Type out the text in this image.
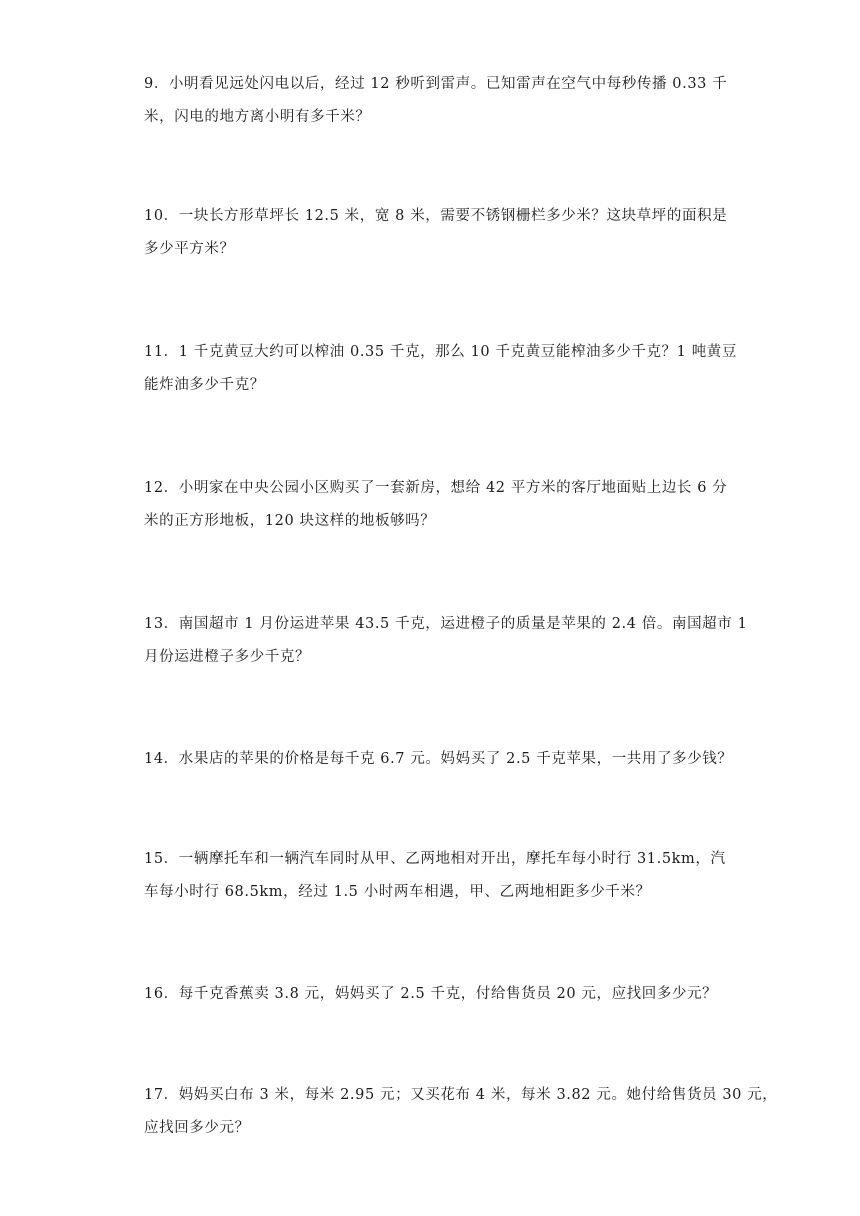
9．小明看见远处闪电以后，经过 12 秒听到雷声。已知雷声在空气中每秒传播 0.33 千
米，闪电的地方离小明有多千米？
10．一块长方形草坪长 12.5 米，宽 8 米，需要不锈钢栅栏多少米？这块草坪的面积是
多少平方米？
11．1 千克黄豆大约可以榨油 0.35 千克，那么 10 千克黄豆能榨油多少千克？1 吨黄豆
能炸油多少千克？
12．小明家在中央公园小区购买了一套新房，想给 42 平方米的客厅地面贴上边长 6 分
米的正方形地板，120 块这样的地板够吗？
13．南国超市 1 月份运进苹果 43.5 千克，运进橙子的质量是苹果的 2.4 倍。南国超市 1
月份运进橙子多少千克？
14．水果店的苹果的价格是每千克 6.7 元。妈妈买了 2.5 千克苹果，一共用了多少钱？
15．一辆摩托车和一辆汽车同时从甲、乙两地相对开出，摩托车每小时行 31.5km，汽
车每小时行 68.5km，经过 1.5 小时两车相遇，甲、乙两地相距多少千米？
16．每千克香蕉卖 3.8 元，妈妈买了 2.5 千克，付给售货员 20 元，应找回多少元？
17．妈妈买白布 3 米，每米 2.95 元；又买花布 4 米，每米 3.82 元。她付给售货员 30 元，
应找回多少元？
